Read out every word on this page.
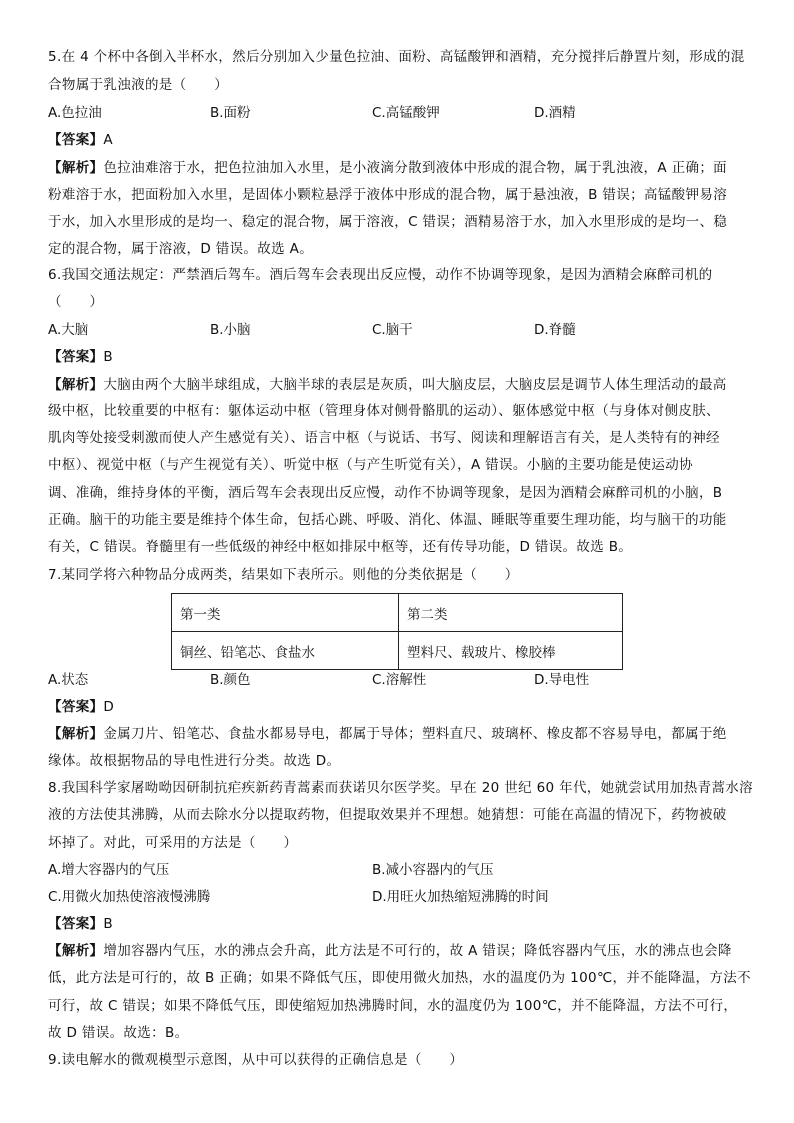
5.在 4 个杯中各倒入半杯水，然后分别加入少量色拉油、面粉、高锰酸钾和酒精，充分搅拌后静置片刻，形成的混
合物属于乳浊液的是（　　）
A.色拉油	B.面粉	C.高锰酸钾	D.酒精
【答案】A
【解析】色拉油难溶于水，把色拉油加入水里，是小液滴分散到液体中形成的混合物，属于乳浊液，A 正确；面
粉难溶于水，把面粉加入水里，是固体小颗粒悬浮于液体中形成的混合物，属于悬浊液，B 错误；高锰酸钾易溶
于水，加入水里形成的是均一、稳定的混合物，属于溶液，C 错误；酒精易溶于水，加入水里形成的是均一、稳
定的混合物，属于溶液，D 错误。故选 A。
6.我国交通法规定：严禁酒后驾车。酒后驾车会表现出反应慢，动作不协调等现象，是因为酒精会麻醉司机的
（　　）
A.大脑	B.小脑	C.脑干	D.脊髓
【答案】B
【解析】大脑由两个大脑半球组成，大脑半球的表层是灰质，叫大脑皮层，大脑皮层是调节人体生理活动的最高
级中枢，比较重要的中枢有：躯体运动中枢（管理身体对侧骨骼肌的运动）、躯体感觉中枢（与身体对侧皮肤、
肌肉等处接受刺激而使人产生感觉有关）、语言中枢（与说话、书写、阅读和理解语言有关，是人类特有的神经
中枢）、视觉中枢（与产生视觉有关）、听觉中枢（与产生听觉有关），A 错误。小脑的主要功能是使运动协
调、准确，维持身体的平衡，酒后驾车会表现出反应慢，动作不协调等现象，是因为酒精会麻醉司机的小脑，B
正确。脑干的功能主要是维持个体生命，包括心跳、呼吸、消化、体温、睡眠等重要生理功能，均与脑干的功能
有关，C 错误。脊髓里有一些低级的神经中枢如排尿中枢等，还有传导功能，D 错误。故选 B。
7.某同学将六种物品分成两类，结果如下表所示。则他的分类依据是（　　）
第一类	第二类
铜丝、铅笔芯、食盐水	塑料尺、载玻片、橡胶棒
A.状态	B.颜色	C.溶解性	D.导电性
【答案】D
【解析】金属刀片、铅笔芯、食盐水都易导电，都属于导体；塑料直尺、玻璃杯、橡皮都不容易导电，都属于绝
缘体。故根据物品的导电性进行分类。故选 D。
8.我国科学家屠呦呦因研制抗疟疾新药青蒿素而获诺贝尔医学奖。早在 20 世纪 60 年代，她就尝试用加热青蒿水溶
液的方法使其沸腾，从而去除水分以提取药物，但提取效果并不理想。她猜想：可能在高温的情况下，药物被破
坏掉了。对此，可采用的方法是（　　）
A.增大容器内的气压	B.减小容器内的气压
C.用微火加热使溶液慢沸腾	D.用旺火加热缩短沸腾的时间
【答案】B
【解析】增加容器内气压，水的沸点会升高，此方法是不可行的，故 A 错误；降低容器内气压，水的沸点也会降
低，此方法是可行的，故 B 正确；如果不降低气压，即使用微火加热，水的温度仍为 100℃，并不能降温，方法不
可行，故 C 错误；如果不降低气压，即使缩短加热沸腾时间，水的温度仍为 100℃，并不能降温，方法不可行，
故 D 错误。故选：B。
9.读电解水的微观模型示意图，从中可以获得的正确信息是（　　）
